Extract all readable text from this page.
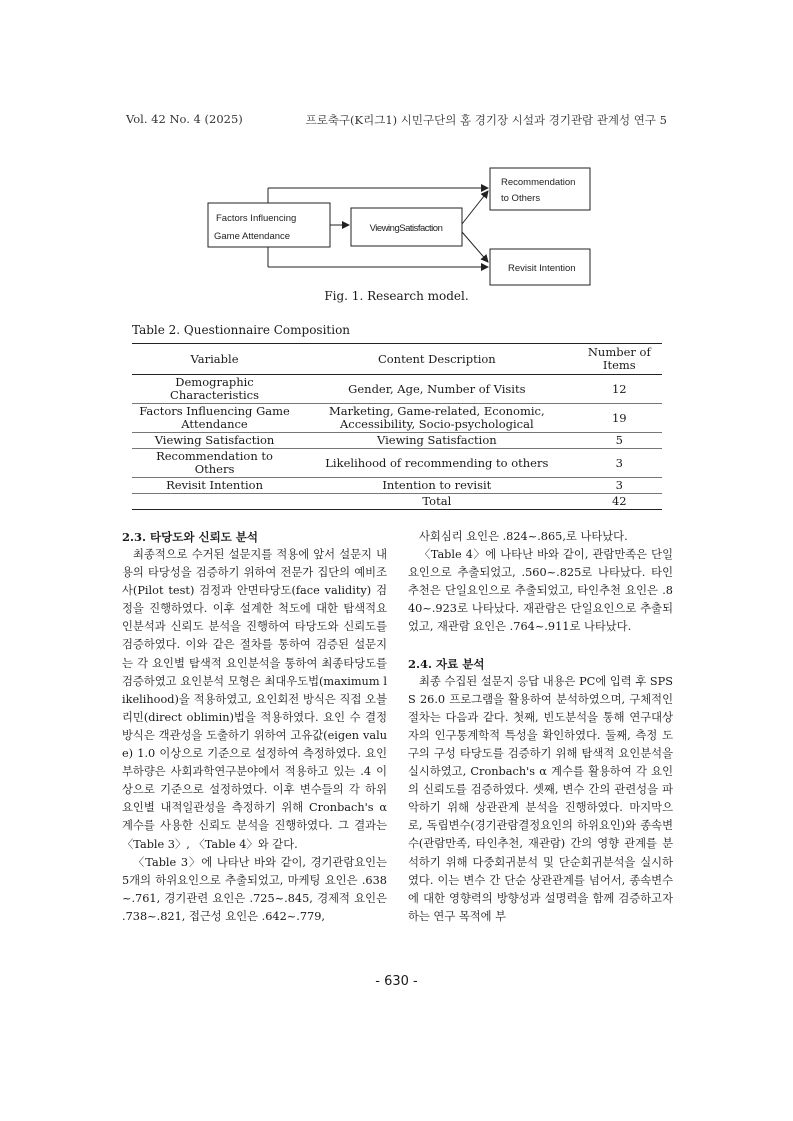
Vol. 42 No. 4 (2025)	프로축구(K리그1) 시민구단의 홈 경기장 시설과 경기관람 관계성 연구 5
Factors Influencing
Game Attendance
ViewingSatisfaction
Recommendation
to Others
Revisit Intention
Fig. 1. Research model.
Table 2. Questionnaire Composition
Variable	Content Description	Number of Items
Demographic Characteristics	Gender, Age, Number of Visits	12
Factors Influencing Game Attendance	Marketing, Game-related, Economic, Accessibility, Socio-psychological	19
Viewing Satisfaction	Viewing Satisfaction	5
Recommendation to Others	Likelihood of recommending to others	3
Revisit Intention	Intention to revisit	3
	Total	42
2.3. 타당도와 신뢰도 분석

최종적으로 수거된 설문지를 적용에 앞서 설문지 내용의 타당성을 검증하기 위하여 전문가 집단의 예비조사(Pilot test) 검정과 안면타당도(face validity) 검정을 진행하였다. 이후 설계한 척도에 대한 탐색적요인분석과 신뢰도 분석을 진행하여 타당도와 신뢰도를 검증하였다. 이와 같은 절차를 통하여 검증된 설문지는 각 요인별 탐색적 요인분석을 통하여 최종타당도를 검증하였고 요인분석 모형은 최대우도법(maximum likelihood)을 적용하였고, 요인회전 방식은 직접 오블리민(direct oblimin)법을 적용하였다. 요인 수 결정방식은 객관성을 도출하기 위하여 고유값(eigen value) 1.0 이상으로 기준으로 설정하여 측정하였다. 요인부하량은 사회과학연구분야에서 적용하고 있는 .4 이상으로 기준으로 설정하였다. 이후 변수들의 각 하위요인별 내적일관성을 측정하기 위해 Cronbach's α 계수를 사용한 신뢰도 분석을 진행하였다. 그 결과는 〈Table 3〉, 〈Table 4〉와 같다.

〈Table 3〉에 나타난 바와 같이, 경기관람요인는 5개의 하위요인으로 추출되었고, 마케팅 요인은 .638~.761, 경기관련 요인은 .725~.845, 경제적 요인은 .738~.821, 접근성 요인은 .642~.779,

사회심리 요인은 .824~.865,로 나타났다.

〈Table 4〉에 나타난 바와 같이, 관람만족은 단일요인으로 추출되었고, .560~.825로 나타났다. 타인추천은 단일요인으로 추출되었고, 타인추천 요인은 .840~.923로 나타났다. 재관람은 단일요인으로 추출되었고, 재관람 요인은 .764~.911로 나타났다.

2.4. 자료 분석

최종 수집된 설문지 응답 내용은 PC에 입력 후 SPSS 26.0 프로그램을 활용하여 분석하였으며, 구체적인 절차는 다음과 같다. 첫째, 빈도분석을 통해 연구대상자의 인구통계학적 특성을 확인하였다. 둘째, 측정 도구의 구성 타당도를 검증하기 위해 탐색적 요인분석을 실시하였고, Cronbach's α 계수를 활용하여 각 요인의 신뢰도를 검증하였다. 셋째, 변수 간의 관련성을 파악하기 위해 상관관계 분석을 진행하였다. 마지막으로, 독립변수(경기관람결정요인의 하위요인)와 종속변수(관람만족, 타인추천, 재관람) 간의 영향 관계를 분석하기 위해 다중회귀분석 및 단순회귀분석을 실시하였다. 이는 변수 간 단순 상관관계를 넘어서, 종속변수에 대한 영향력의 방향성과 설명력을 함께 검증하고자 하는 연구 목적에 부

- 630 -
